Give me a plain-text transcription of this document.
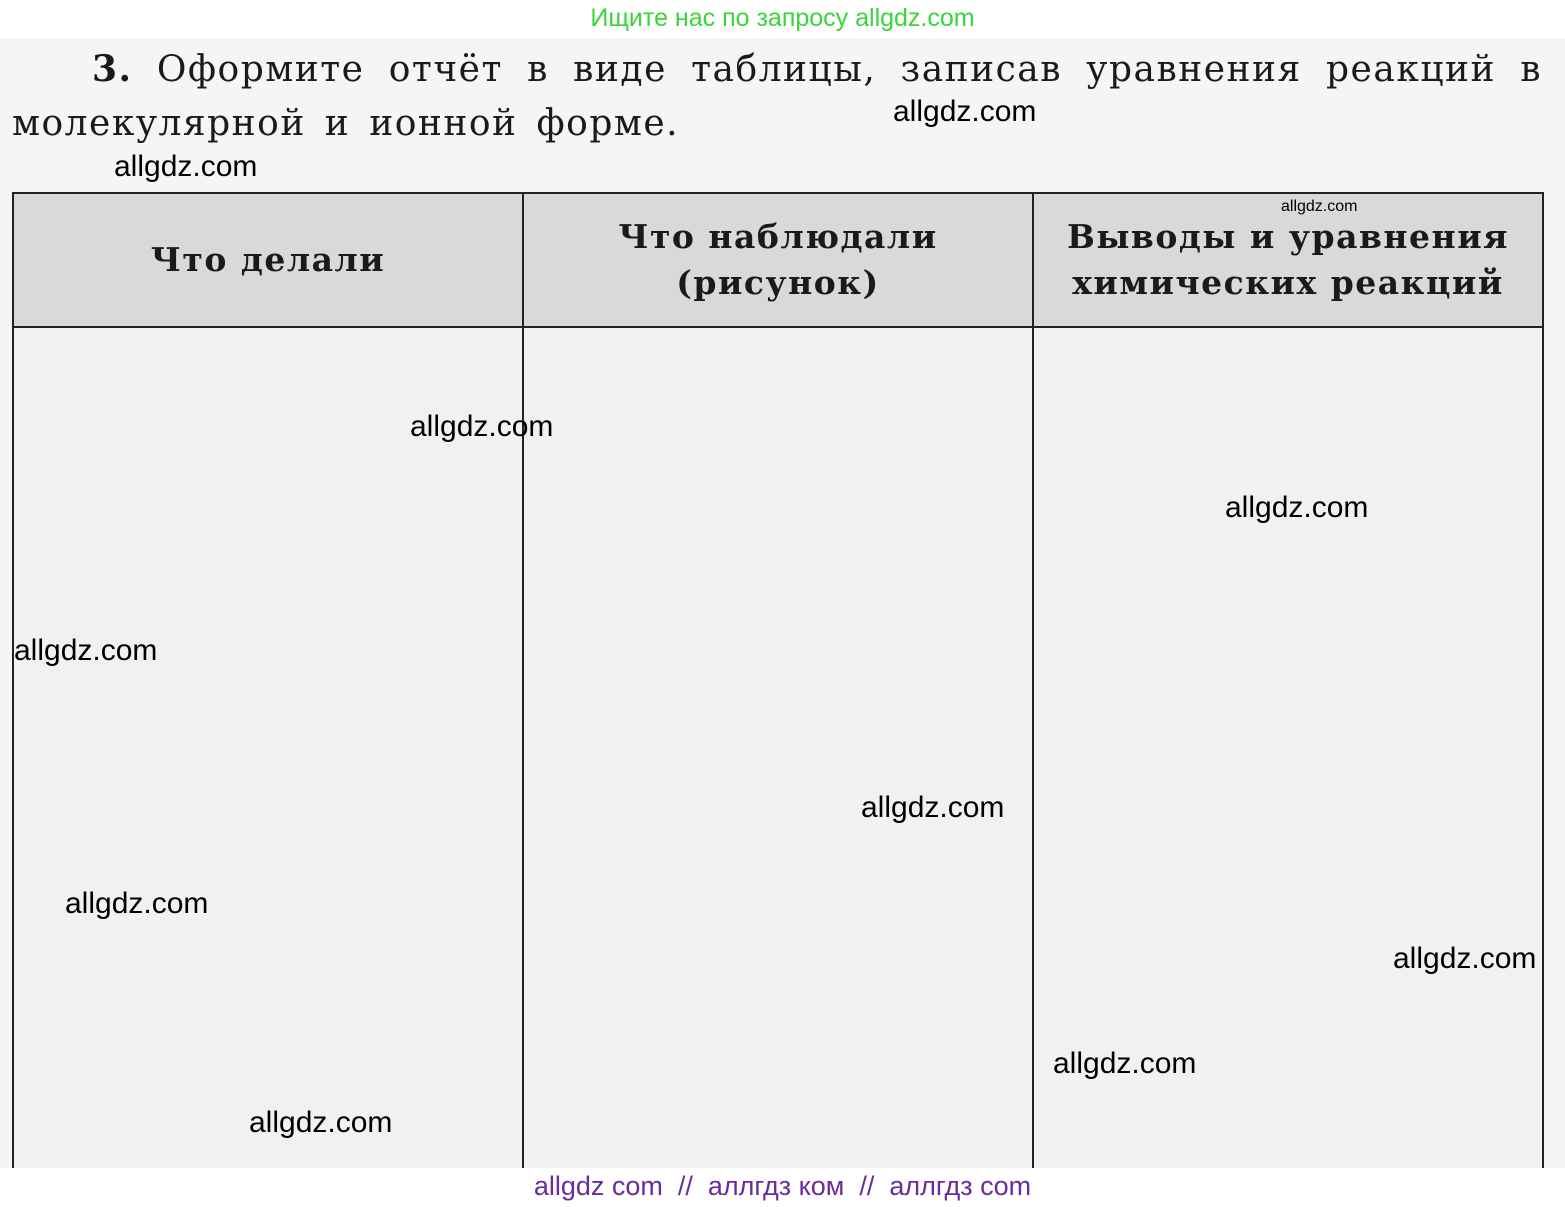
Ищите нас по запросу allgdz.com
3. Оформите отчёт в виде таблицы, записав уравнения реакций в молекулярной и ионной форме.
Что делали	Что наблюдали (рисунок)	Выводы и уравнения химических реакций

allgdz.com
allgdz.com
allgdz.com
allgdz.com
allgdz.com
allgdz.com
allgdz.com
allgdz.com
allgdz.com
allgdz.com
allgdz.com
allgdz com  //  аллгдз ком  //  аллгдз com
